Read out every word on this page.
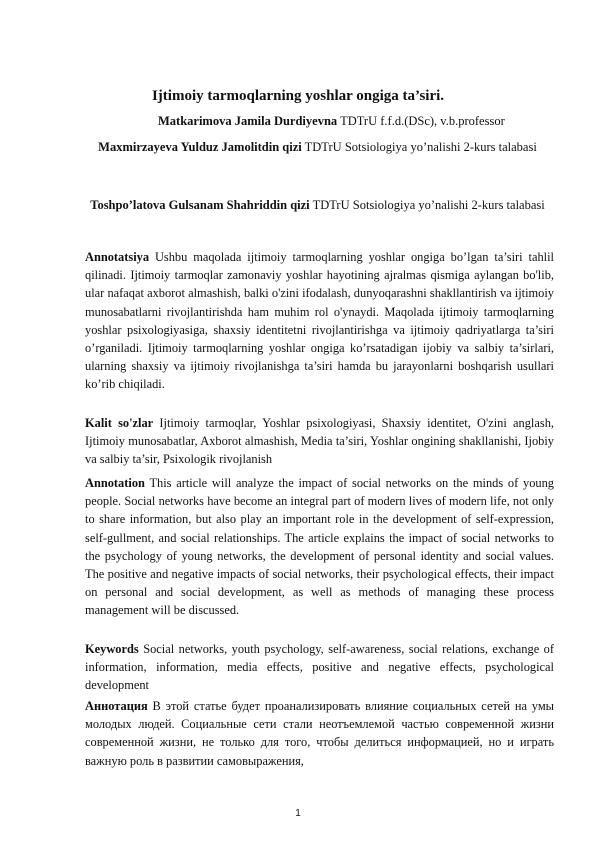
Ijtimoiy tarmoqlarning yoshlar ongiga ta’siri.
Matkarimova Jamila Durdiyevna TDTrU f.f.d.(DSc), v.b.professor
Maxmirzayeva Yulduz Jamolitdin qizi TDTrU Sotsiologiya yo’nalishi 2-kurs talabasi
Toshpo’latova Gulsanam Shahriddin qizi TDTrU Sotsiologiya yo’nalishi 2-kurs talabasi

Annotatsiya Ushbu maqolada ijtimoiy tarmoqlarning yoshlar ongiga bo’lgan ta’siri tahlil qilinadi. Ijtimoiy tarmoqlar zamonaviy yoshlar hayotining ajralmas qismiga aylangan bo'lib, ular nafaqat axborot almashish, balki o'zini ifodalash, dunyoqarashni shakllantirish va ijtimoiy munosabatlarni rivojlantirishda ham muhim rol o'ynaydi. Maqolada ijtimoiy tarmoqlarning yoshlar psixologiyasiga, shaxsiy identitetni rivojlantirishga va ijtimoiy qadriyatlarga ta’siri o’rganiladi. Ijtimoiy tarmoqlarning yoshlar ongiga ko’rsatadigan ijobiy va salbiy ta’sirlari, ularning shaxsiy va ijtimoiy rivojlanishga ta’siri hamda bu jarayonlarni boshqarish usullari ko’rib chiqiladi.

Kalit so'zlar Ijtimoiy tarmoqlar, Yoshlar psixologiyasi, Shaxsiy identitet, O'zini anglash, Ijtimoiy munosabatlar, Axborot almashish, Media ta’siri, Yoshlar ongining shakllanishi, Ijobiy va salbiy ta’sir, Psixologik rivojlanish

Annotation This article will analyze the impact of social networks on the minds of young people. Social networks have become an integral part of modern lives of modern life, not only to share information, but also play an important role in the development of self-expression, self-gullment, and social relationships. The article explains the impact of social networks to the psychology of young networks, the development of personal identity and social values. The positive and negative impacts of social networks, their psychological effects, their impact on personal and social development, as well as methods of managing these process management will be discussed.

Keywords Social networks, youth psychology, self-awareness, social relations, exchange of information, information, media effects, positive and negative effects, psychological development

Аннотация В этой статье будет проанализировать влияние социальных сетей на умы молодых людей. Социальные сети стали неотъемлемой частью современной жизни современной жизни, не только для того, чтобы делиться информацией, но и играть важную роль в развитии самовыражения,

1
